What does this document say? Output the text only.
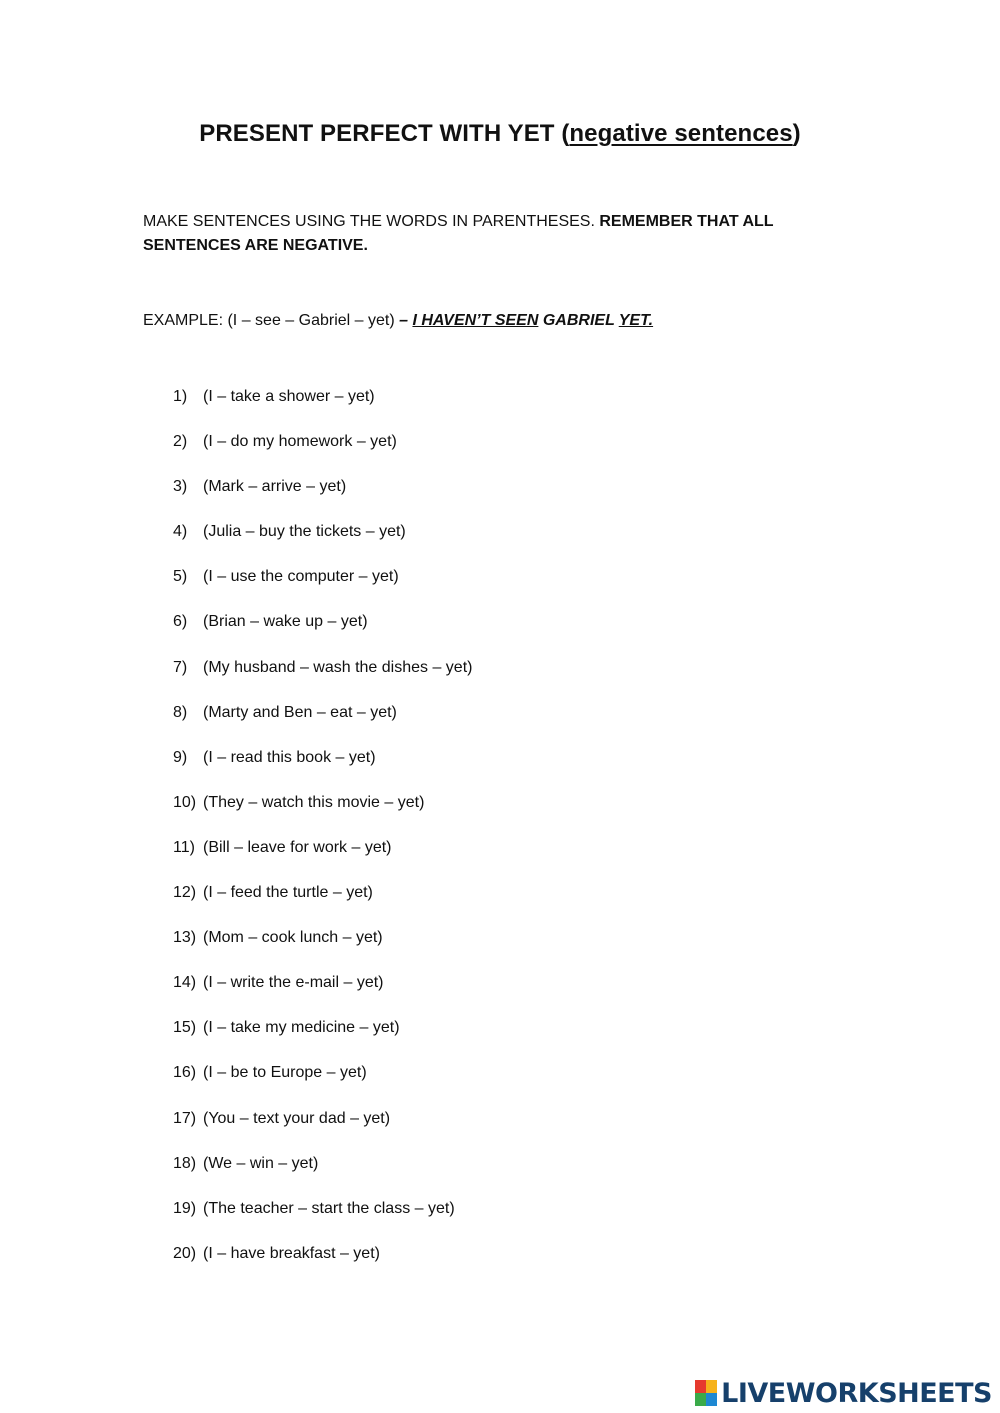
PRESENT PERFECT WITH YET (negative sentences)
MAKE SENTENCES USING THE WORDS IN PARENTHESES. REMEMBER THAT ALL SENTENCES ARE NEGATIVE.
EXAMPLE: (I – see – Gabriel – yet) – I HAVEN’T SEEN GABRIEL YET.
1) (I – take a shower – yet)
2) (I – do my homework – yet)
3) (Mark – arrive – yet)
4) (Julia – buy the tickets – yet)
5) (I – use the computer – yet)
6) (Brian – wake up – yet)
7) (My husband – wash the dishes – yet)
8) (Marty and Ben – eat – yet)
9) (I – read this book – yet)
10) (They – watch this movie – yet)
11) (Bill – leave for work – yet)
12) (I – feed the turtle – yet)
13) (Mom – cook lunch – yet)
14) (I – write the e-mail – yet)
15) (I – take my medicine – yet)
16) (I – be to Europe – yet)
17) (You – text your dad – yet)
18) (We – win – yet)
19) (The teacher – start the class – yet)
20) (I – have breakfast – yet)
LIVEWORKSHEETS
